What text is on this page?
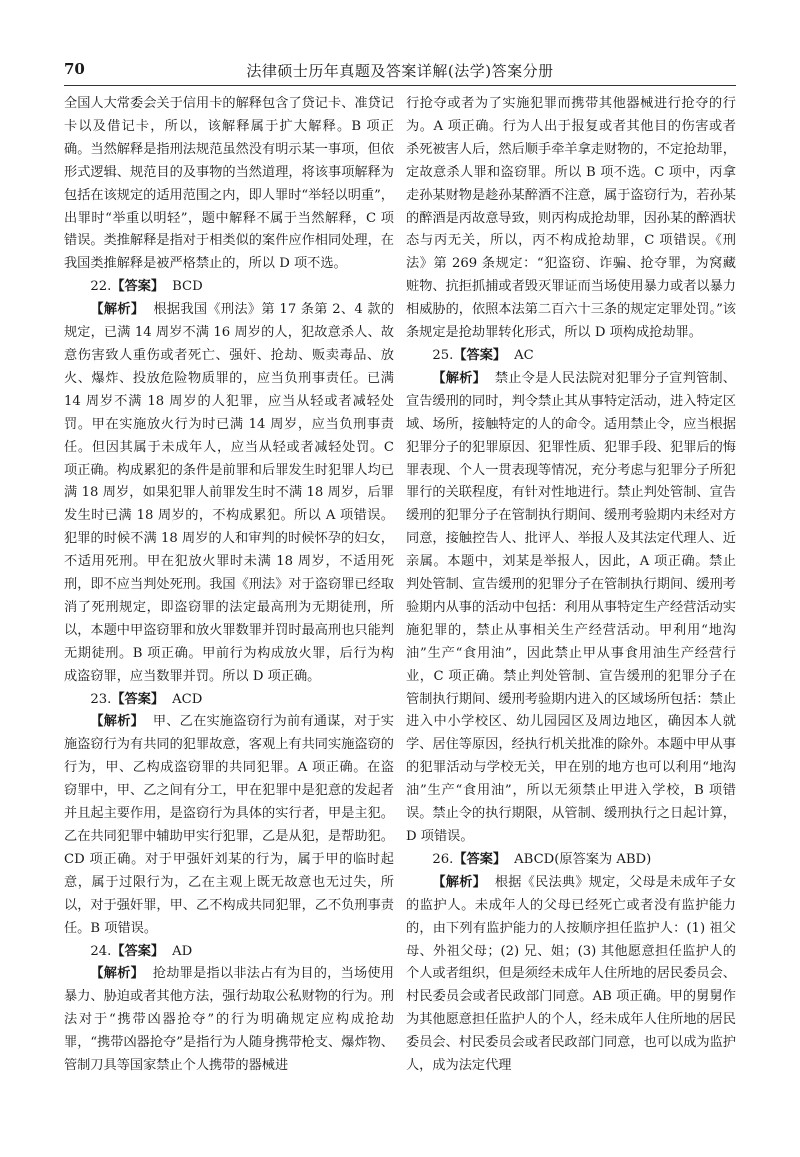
70	法律硕士历年真题及答案详解(法学)答案分册

全国人大常委会关于信用卡的解释包含了贷记卡、准贷记卡以及借记卡，所以，该解释属于扩大解释。B 项正确。当然解释是指刑法规范虽然没有明示某一事项，但依形式逻辑、规范目的及事物的当然道理，将该事项解释为包括在该规定的适用范围之内，即人罪时“举轻以明重”，出罪时“举重以明轻”，题中解释不属于当然解释，C 项错误。类推解释是指对于相类似的案件应作相同处理，在我国类推解释是被严格禁止的，所以 D 项不选。

22.【答案】 BCD

【解析】 根据我国《刑法》第 17 条第 2、4 款的规定，已满 14 周岁不满 16 周岁的人，犯故意杀人、故意伤害致人重伤或者死亡、强奸、抢劫、贩卖毒品、放火、爆炸、投放危险物质罪的，应当负刑事责任。已满 14 周岁不满 18 周岁的人犯罪，应当从轻或者减轻处罚。甲在实施放火行为时已满 14 周岁，应当负刑事责任。但因其属于未成年人，应当从轻或者减轻处罚。C 项正确。构成累犯的条件是前罪和后罪发生时犯罪人均已满 18 周岁，如果犯罪人前罪发生时不满 18 周岁，后罪发生时已满 18 周岁的，不构成累犯。所以 A 项错误。犯罪的时候不满 18 周岁的人和审判的时候怀孕的妇女，不适用死刑。甲在犯放火罪时未满 18 周岁，不适用死刑，即不应当判处死刑。我国《刑法》对于盗窃罪已经取消了死刑规定，即盗窃罪的法定最高刑为无期徒刑，所以，本题中甲盗窃罪和放火罪数罪并罚时最高刑也只能判无期徒刑。B 项正确。甲前行为构成放火罪，后行为构成盗窃罪，应当数罪并罚。所以 D 项正确。

23.【答案】 ACD

【解析】 甲、乙在实施盗窃行为前有通谋，对于实施盗窃行为有共同的犯罪故意，客观上有共同实施盗窃的行为，甲、乙构成盗窃罪的共同犯罪。A 项正确。在盗窃罪中，甲、乙之间有分工，甲在犯罪中是犯意的发起者并且起主要作用，是盗窃行为具体的实行者，甲是主犯。乙在共同犯罪中辅助甲实行犯罪，乙是从犯，是帮助犯。CD 项正确。对于甲强奸刘某的行为，属于甲的临时起意，属于过限行为，乙在主观上既无故意也无过失，所以，对于强奸罪，甲、乙不构成共同犯罪，乙不负刑事责任。B 项错误。

24.【答案】 AD

【解析】 抢劫罪是指以非法占有为目的，当场使用暴力、胁迫或者其他方法，强行劫取公私财物的行为。刑法对于“携带凶器抢夺”的行为明确规定应构成抢劫罪，“携带凶器抢夺”是指行为人随身携带枪支、爆炸物、管制刀具等国家禁止个人携带的器械进

行抢夺或者为了实施犯罪而携带其他器械进行抢夺的行为。A 项正确。行为人出于报复或者其他目的伤害或者杀死被害人后，然后顺手牵羊拿走财物的，不定抢劫罪，定故意杀人罪和盗窃罪。所以 B 项不选。C 项中，丙拿走孙某财物是趁孙某醉酒不注意，属于盗窃行为，若孙某的醉酒是丙故意导致，则丙构成抢劫罪，因孙某的醉酒状态与丙无关，所以，丙不构成抢劫罪，C 项错误。《刑法》第 269 条规定：“犯盗窃、诈骗、抢夺罪，为窝藏赃物、抗拒抓捕或者毁灭罪证而当场使用暴力或者以暴力相威胁的，依照本法第二百六十三条的规定定罪处罚。”该条规定是抢劫罪转化形式，所以 D 项构成抢劫罪。

25.【答案】 AC

【解析】 禁止令是人民法院对犯罪分子宣判管制、宣告缓刑的同时，判令禁止其从事特定活动，进入特定区域、场所，接触特定的人的命令。适用禁止令，应当根据犯罪分子的犯罪原因、犯罪性质、犯罪手段、犯罪后的悔罪表现、个人一贯表现等情况，充分考虑与犯罪分子所犯罪行的关联程度，有针对性地进行。禁止判处管制、宣告缓刑的犯罪分子在管制执行期间、缓刑考验期内未经对方同意，接触控告人、批评人、举报人及其法定代理人、近亲属。本题中，刘某是举报人，因此，A 项正确。禁止判处管制、宣告缓刑的犯罪分子在管制执行期间、缓刑考验期内从事的活动中包括：利用从事特定生产经营活动实施犯罪的，禁止从事相关生产经营活动。甲利用“地沟油”生产“食用油”，因此禁止甲从事食用油生产经营行业，C 项正确。禁止判处管制、宣告缓刑的犯罪分子在管制执行期间、缓刑考验期内进入的区域场所包括：禁止进入中小学校区、幼儿园园区及周边地区，确因本人就学、居住等原因，经执行机关批准的除外。本题中甲从事的犯罪活动与学校无关，甲在别的地方也可以利用“地沟油”生产“食用油”，所以无须禁止甲进入学校，B 项错误。禁止令的执行期限，从管制、缓刑执行之日起计算，D 项错误。

26.【答案】 ABCD(原答案为 ABD)

【解析】 根据《民法典》规定，父母是未成年子女的监护人。未成年人的父母已经死亡或者没有监护能力的，由下列有监护能力的人按顺序担任监护人：(1) 祖父母、外祖父母；(2) 兄、姐；(3) 其他愿意担任监护人的个人或者组织，但是须经未成年人住所地的居民委员会、村民委员会或者民政部门同意。AB 项正确。甲的舅舅作为其他愿意担任监护人的个人，经未成年人住所地的居民委员会、村民委员会或者民政部门同意，也可以成为监护人，成为法定代理
